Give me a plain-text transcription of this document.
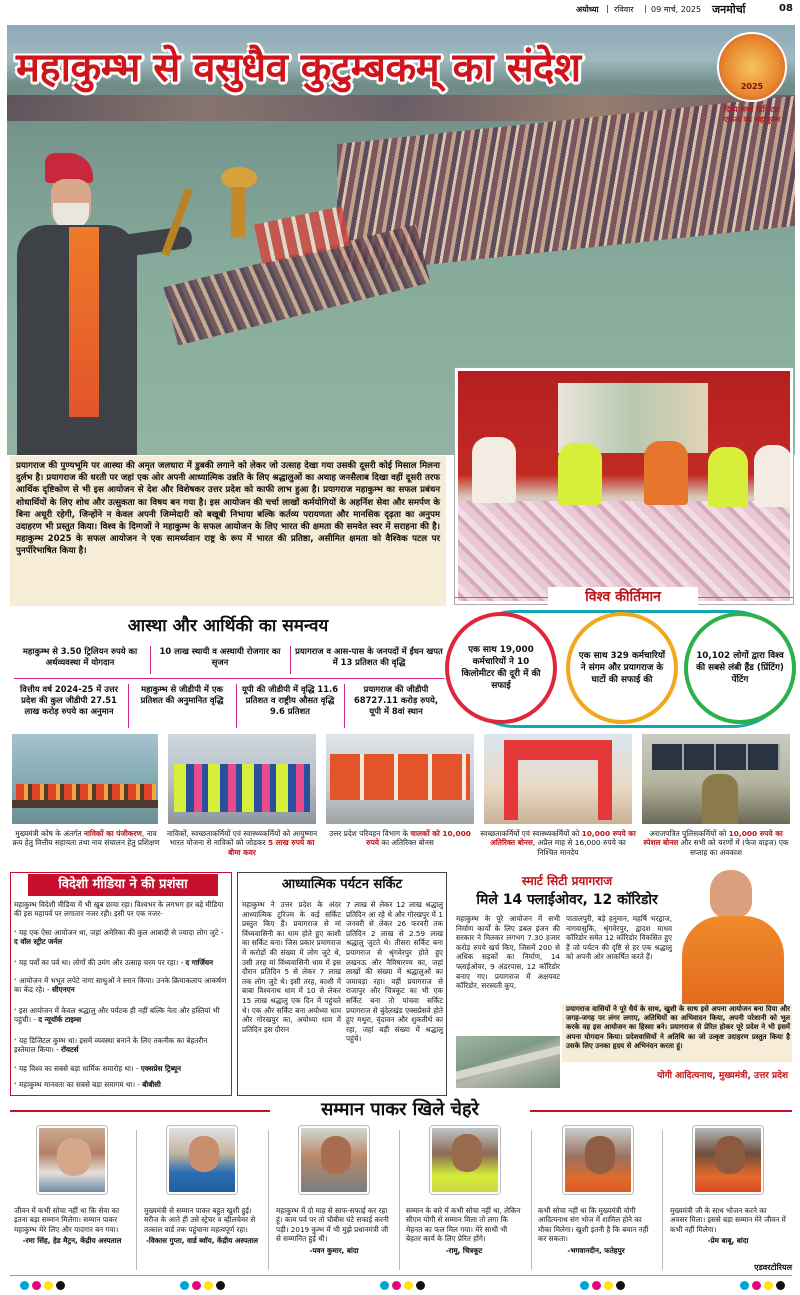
अयोध्या | रविवार | 09 मार्च, 2025 जनमोर्चा	08
महाकुम्भ से वसुधैव कुटुम्बकम् का संदेश	2025
दिव्य भव्य डिजिटल
एकता का महाकुम्भ
प्रयागराज की पुण्यभूमि पर आस्था की अमृत जलधारा में डुबकी लगाने को लेकर जो उत्साह देखा गया उसकी दूसरी कोई मिसाल मिलना दुर्लभ है। प्रयागराज की धरती पर जहां एक ओर अपनी आध्यात्मिक उन्नति के लिए श्रद्धालुओं का अथाह जनसैलाब दिखा वहीं दूसरी तरफ आर्थिक दृष्टिकोण से भी इस आयोजन से देश और विशेषकर उत्तर प्रदेश को काफी लाभ हुआ है। प्रयागराज महाकुम्भ का सफल प्रबंधन शोधार्थियों के लिए शोध और उत्सुकता का विषय बन गया है। इस आयोजन की चर्चा लाखों कर्मयोगियों के अहर्निश सेवा और समर्पण के बिना अधूरी रहेगी, जिन्होंने न केवल अपनी जिम्मेदारी को बखूबी निभाया बल्कि कर्तव्य परायणता और मानसिक दृढ़ता का अनुपम उदाहरण भी प्रस्तुत किया। विश्व के दिग्गजों ने महाकुम्भ के सफल आयोजन के लिए भारत की क्षमता की समवेत स्वर में सराहना की है। महाकुम्भ 2025 के सफल आयोजन ने एक सामर्थ्यवान राष्ट्र के रूप में भारत की प्रतिष्ठा, असीमित क्षमता को वैश्विक पटल पर पुनर्परिभाषित किया है।
आस्था और आर्थिकी का समन्वय
महाकुम्भ से 3.50 ट्रिलियन रुपये का अर्थव्यवस्था में योगदान
10 लाख स्थायी व अस्थायी रोजगार का सृजन
प्रयागराज व आस-पास के जनपदों में ईंधन खपत में 13 प्रतिशत की वृद्धि
वित्तीय वर्ष 2024-25 में उत्तर प्रदेश की कुल जीडीपी 27.51 लाख करोड़ रुपये का अनुमान
महाकुम्भ से जीडीपी में एक प्रतिशत की अनुमानित वृद्धि
यूपी की जीडीपी में वृद्धि 11.6 प्रतिशत व राष्ट्रीय औसत वृद्धि 9.6 प्रतिशत
प्रयागराज की जीडीपी 68727.11 करोड़ रुपये, यूपी में 8वां स्थान
विश्व कीर्तिमान
एक साथ 19,000 कर्मचारियों ने 10 किलोमीटर की दूरी में की सफाई
एक साथ 329 कर्मचारियों ने संगम और प्रयागराज के घाटों की सफाई की
10,102 लोगों द्वारा विश्व की सबसे लंबी हैंड (प्रिंटिंग) पेंटिंग
मुख्यमंत्री कोष के अंतर्गत नाविकों का पंजीकरण, नाव क्रय हेतु वित्तीय सहायता तथा नाव संचालन हेतु प्रशिक्षण
नाविकों, स्वच्छताकर्मियों एवं स्वास्थ्यकर्मियों को आयुष्मान भारत योजना से नाविकों को जोड़कर 5 लाख रुपये का बीमा कवर
उत्तर प्रदेश परिवहन विभाग के चालकों को 10,000 रुपये का अतिरिक्त बोनस
स्वच्छताकर्मियों एवं स्वास्थ्यकर्मियों को 10,000 रुपये का अतिरिक्त बोनस, अप्रैल माह से 16,000 रुपये का निश्चित मानदेय
अराजपत्रित पुलिसकर्मियों को 10,000 रुपये का स्पेशल बोनस और सभी को चरणों में (फेज वाइज) एक सप्ताह का अवकाश
विदेशी मीडिया ने की प्रशंसा
महाकुम्भ विदेशी मीडिया में भी खूब छाया रहा। विश्वभर के लगभग हर बड़े मीडिया की इस महापर्व पर लगातार नजर रही। इसी पर एक नजर-
❛ यह एक ऐसा आयोजन था, जहां अमेरिका की कुल आबादी से ज्यादा लोग जुटे - द वॉल स्ट्रीट जर्नल
❛ यह पर्वों का पर्व था। लोगों की उमंग और उत्साह चरम पर रहा। - द गार्जियन
❛ आयोजन में भभूत लपेटे नागा साधुओं ने स्नान किया। उनके क्रियाकलाप आकर्षण का केंद्र रहे। - सीएनएन
❛ इस आयोजन में केवल श्रद्धालु और पर्यटक ही नहीं बल्कि नेता और हस्तियां भी पहुंची। - द न्यूयॉर्क टाइम्स
❛ यह डिजिटल कुम्भ था। इसमें व्यवस्था बनाने के लिए तकनीक का बेहतरीन इस्तेमाल किया। - रॉयटर्स
❛ यह विश्व का सबसे बड़ा धार्मिक समारोह था। - एक्सप्रेस ट्रिब्यून
❛ महाकुम्भ मानवता का सबसे बड़ा समागम था। - बीबीसी
आध्यात्मिक पर्यटन सर्किट
महाकुम्भ ने उत्तर प्रदेश के अंदर आध्यात्मिक टूरिज्म के कई सर्किट प्रस्तुत किए हैं। प्रयागराज से मां विंध्यवासिनी का धाम होते हुए काशी का सर्किट बना। जिस प्रकार प्रयागराज में करोड़ों की संख्या में लोग जुटे थे, उसी तरह मां विंध्यवासिनी धाम में इस दौरान प्रतिदिन 5 से लेकर 7 लाख तक लोग जुटे थे। इसी तरह, काशी में बाबा विश्वनाथ धाम में 10 से लेकर 15 लाख श्रद्धालु एक दिन में पहुंचते थे। एक और सर्किट बना अयोध्या धाम और गोरखपुर का, अयोध्या धाम में प्रतिदिन इस दौरान
7 लाख से लेकर 12 लाख श्रद्धालु प्रतिदिन आ रहे थे और गोरखपुर में 1 जनवरी से लेकर 26 फरवरी तक प्रतिदिन 2 लाख से 2.59 लाख श्रद्धालु जुटते थे। तीसरा सर्किट बना प्रयागराज से श्रृंगवेरपुर होते हुए लखनऊ और नैमिषारण्य का, जहां लाखों की संख्या में श्रद्धालुओं का जमावड़ा रहा। वहीं प्रयागराज से राजापुर और चित्रकूट का भी एक सर्किट बना तो पांचवा सर्किट प्रयागराज से बुंदेलखंड एक्सप्रेसवे होते हुए मथुरा, वृंदावन और शुकतीर्थ का रहा, जहां बड़ी संख्या में श्रद्धालु पहुंचे।
स्मार्ट सिटी प्रयागराज
मिले 14 फ्लाईओवर, 12 कॉरिडोर
महाकुम्भ के पूरे आयोजन में सभी निर्माण कार्यों के लिए डबल इंजन की सरकार ने मिलकर लगभग 7.30 हजार करोड़ रुपये खर्च किए, जिसमें 200 से अधिक सड़कों का निर्माण, 14 फ्लाईओवर, 9 अंडरपास, 12 कॉरिडोर बनाए गए। प्रयागराज में अक्षयवट कॉरिडोर, सरस्वती कूप,
पातालपुरी, बड़े हनुमान, महर्षि भरद्वाज, नागवासुकि, श्रृंगवेरपुर, द्वादश माधव कॉरिडोर समेत 12 कॉरिडोर विकसित हुए हैं जो पर्यटन की दृष्टि से हर एक श्रद्धालु को अपनी ओर आकर्षित करते हैं।
प्रयागराज वासियों ने पूरे धैर्य के साथ, खुशी के साथ इसे अपना आयोजन बना दिया और जगह-जगह पर लंगर लगाए, अतिथियों का अभिवादन किया, अपनी परेशानी को भूल करके वह इस आयोजन का हिस्सा बने। प्रयागराज से प्रेरित होकर पूरे प्रदेश ने भी इसमें अपना योगदान किया। प्रदेशवासियों ने अतिथि का जो उत्कृष्ट उदाहरण प्रस्तुत किया है उसके लिए उनका हृदय से अभिनंदन करता हूं।
योगी आदित्यनाथ, मुख्यमंत्री, उत्तर प्रदेश
सम्मान पाकर खिले चेहरे
जीवन में कभी सोचा नहीं था कि सेवा का इतना बड़ा सम्मान मिलेगा। सम्मान पाकर महाकुम्भ मेरे लिए और यादगार बन गया।
-रमा सिंह, हेड मैट्रन, केंद्रीय अस्पताल
मुख्यमंत्री से सम्मान पाकर बहुत खुशी हुई। मरीज के आते ही उसे स्ट्रेचर व व्हीलचेयर से तत्काल वार्ड तक पहुंचाना महत्वपूर्ण रहा।
-विकास गुप्ता, वार्ड ब्वॉय, केंद्रीय अस्पताल
महाकुम्भ में दो माह से साफ-सफाई कर रहा हूं। काम पर्व पर तो चौबीस घंटे सफाई करनी पड़ी। 2019 कुम्भ में भी मुझे प्रधानमंत्री जी से सम्मानित हुई थी।
-पवन कुमार, बांदा
सम्मान के बारे में कभी सोचा नहीं था, लेकिन सीएम योगी से सम्मान मिला तो लगा कि मेहनत का फल मिल गया। मेरे साथी भी बेहतर कार्य के लिए प्रेरित होंगे।
-रामू, चित्रकूट
कभी सोचा नहीं था कि मुख्यमंत्री योगी आदित्यनाथ संग भोज में शामिल होने का मौका मिलेगा। खुशी इतनी है कि बयान नहीं कर सकता।
-भगवानदीन, फतेहपुर
मुख्यमंत्री जी के साथ भोजन करने का अवसर मिला। इससे बड़ा सम्मान मेरे जीवन में कभी नहीं मिलेगा।
-प्रेम बाबू, बांदा
एडवरटोरियल
